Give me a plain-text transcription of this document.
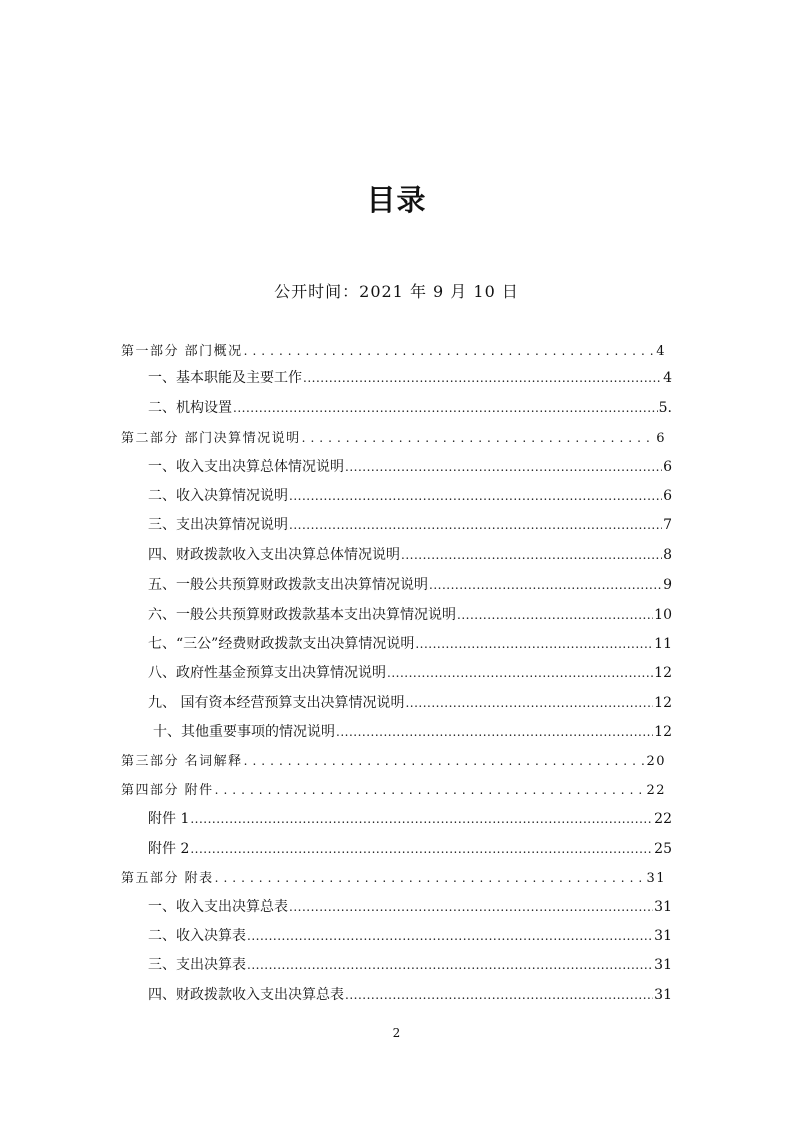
目录
公开时间：2021 年 9 月 10 日
第一部分 部门概况 . . .	4
一、基本职能及主要工作 .....	4
二、机构设置 .....	5.
第二部分 部门决算情况说明 . . .	6
一、收入支出决算总体情况说明 .....	6
二、收入决算情况说明 .....	6
三、支出决算情况说明 .....	7
四、财政拨款收入支出决算总体情况说明 .....	8
五、一般公共预算财政拨款支出决算情况说明 .....	9
六、一般公共预算财政拨款基本支出决算情况说明 .....	10
七、“三公”经费财政拨款支出决算情况说明 .....	11
八、政府性基金预算支出决算情况说明 .....	12
九、 国有资本经营预算支出决算情况说明 .....	12
十、其他重要事项的情况说明 .....	12
第三部分 名词解释 . . .	20
第四部分 附件 . . .	22
附件 1 .....	22
附件 2 .....	25
第五部分 附表 . . .	31
一、收入支出决算总表 .....	31
二、收入决算表 .....	31
三、支出决算表 .....	31
四、财政拨款收入支出决算总表 .....	31
2
